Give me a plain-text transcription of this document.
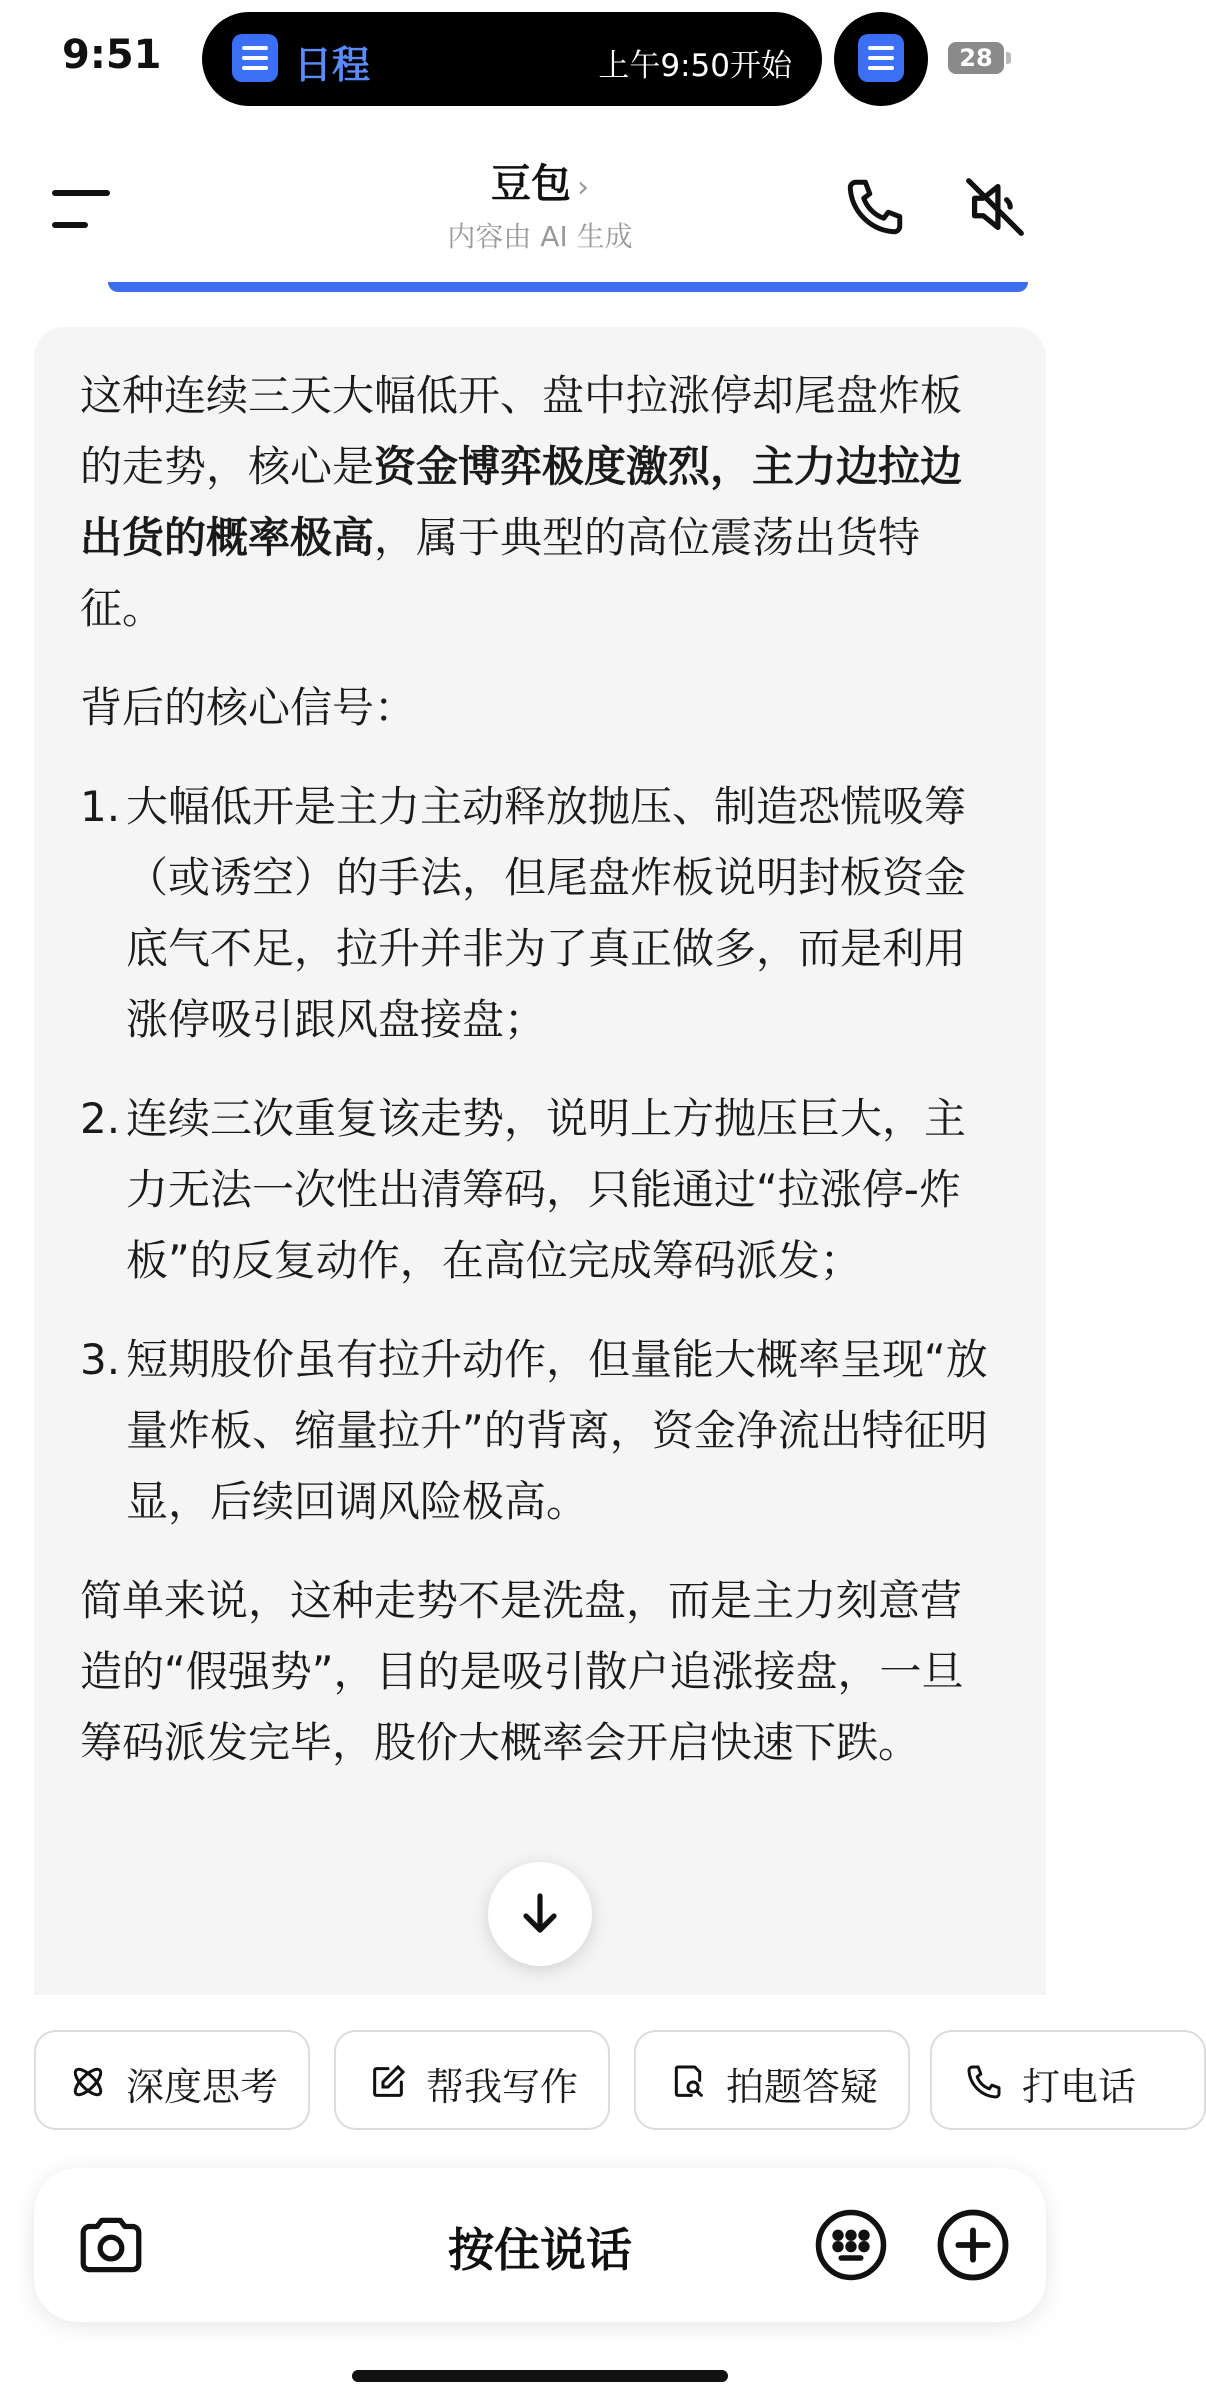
9:51	日程	上午9:50开始	28
豆包 ›
内容由 AI 生成

这种连续三天大幅低开、盘中拉涨停却尾盘炸板的走势，核心是资金博弈极度激烈，主力边拉边出货的概率极高，属于典型的高位震荡出货特征。

背后的核心信号：

1. 大幅低开是主力主动释放抛压、制造恐慌吸筹（或诱空）的手法，但尾盘炸板说明封板资金底气不足，拉升并非为了真正做多，而是利用涨停吸引跟风盘接盘；
2. 连续三次重复该走势，说明上方抛压巨大，主力无法一次性出清筹码，只能通过“拉涨停-炸板”的反复动作，在高位完成筹码派发；
3. 短期股价虽有拉升动作，但量能大概率呈现“放量炸板、缩量拉升”的背离，资金净流出特征明显，后续回调风险极高。

简单来说，这种走势不是洗盘，而是主力刻意营造的“假强势”，目的是吸引散户追涨接盘，一旦筹码派发完毕，股价大概率会开启快速下跌。

深度思考	帮我写作	拍题答疑	打电话
按住说话
